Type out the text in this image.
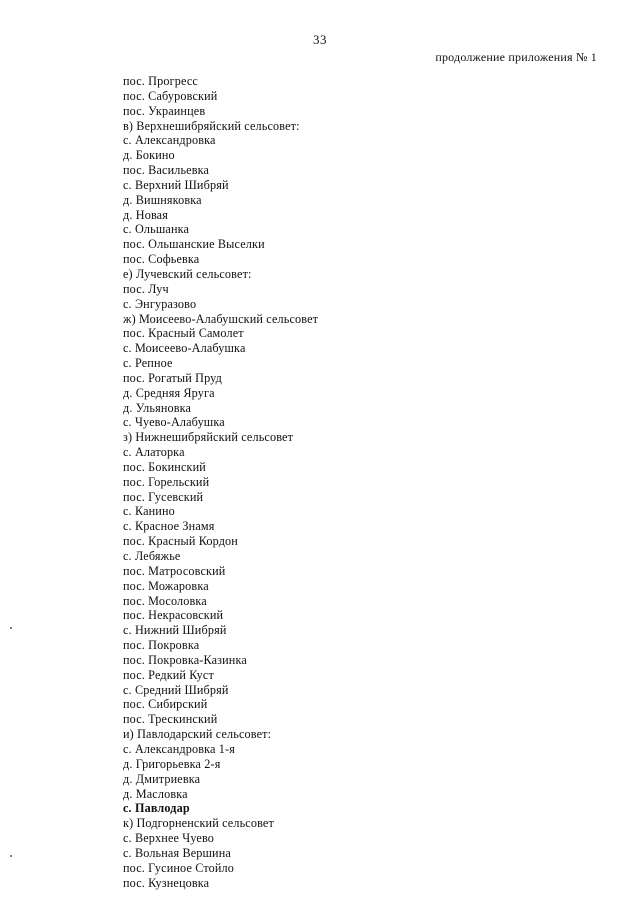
33
продолжение приложения № 1
пос. Прогресс
пос. Сабуровский
пос. Украинцев
в) Верхнешибряйский сельсовет:
с. Александровка
д. Бокино
пос. Васильевка
с. Верхний Шибряй
д. Вишняковка
д. Новая
с. Ольшанка
пос. Ольшанские Выселки
пос. Софьевка
е) Лучевский сельсовет:
пос. Луч
с. Энгуразово
ж) Моисеево-Алабушский сельсовет
пос. Красный Самолет
с. Моисеево-Алабушка
с. Репное
пос. Рогатый Пруд
д. Средняя Яруга
д. Ульяновка
с. Чуево-Алабушка
з) Нижнешибряйский сельсовет
с. Алаторка
пос. Бокинский
пос. Горельский
пос. Гусевский
с. Канино
с. Красное Знамя
пос. Красный Кордон
с. Лебяжье
пос. Матросовский
пос. Можаровка
пос. Мосоловка
пос. Некрасовский
с. Нижний Шибряй
пос. Покровка
пос. Покровка-Казинка
пос. Редкий Куст
с. Средний Шибряй
пос. Сибирский
пос. Трескинский
и) Павлодарский сельсовет:
с. Александровка 1-я
д. Григорьевка 2-я
д. Дмитриевка
д. Масловка
с. Павлодар
к) Подгорненский сельсовет
с. Верхнее Чуево
с. Вольная Вершина
пос. Гусиное Стойло
пос. Кузнецовка
